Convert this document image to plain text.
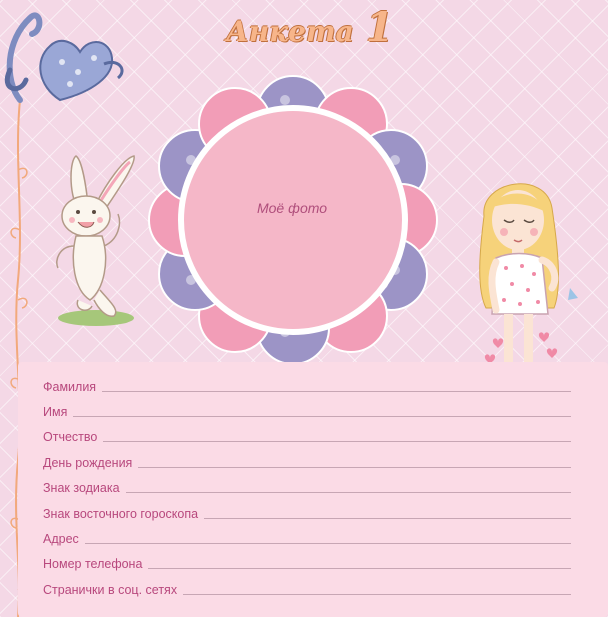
Анкета 1
Моё фото
Фамилия
Имя
Отчество
День рождения
Знак зодиака
Знак восточного гороскопа
Адрес
Номер телефона
Странички в соц. сетях
